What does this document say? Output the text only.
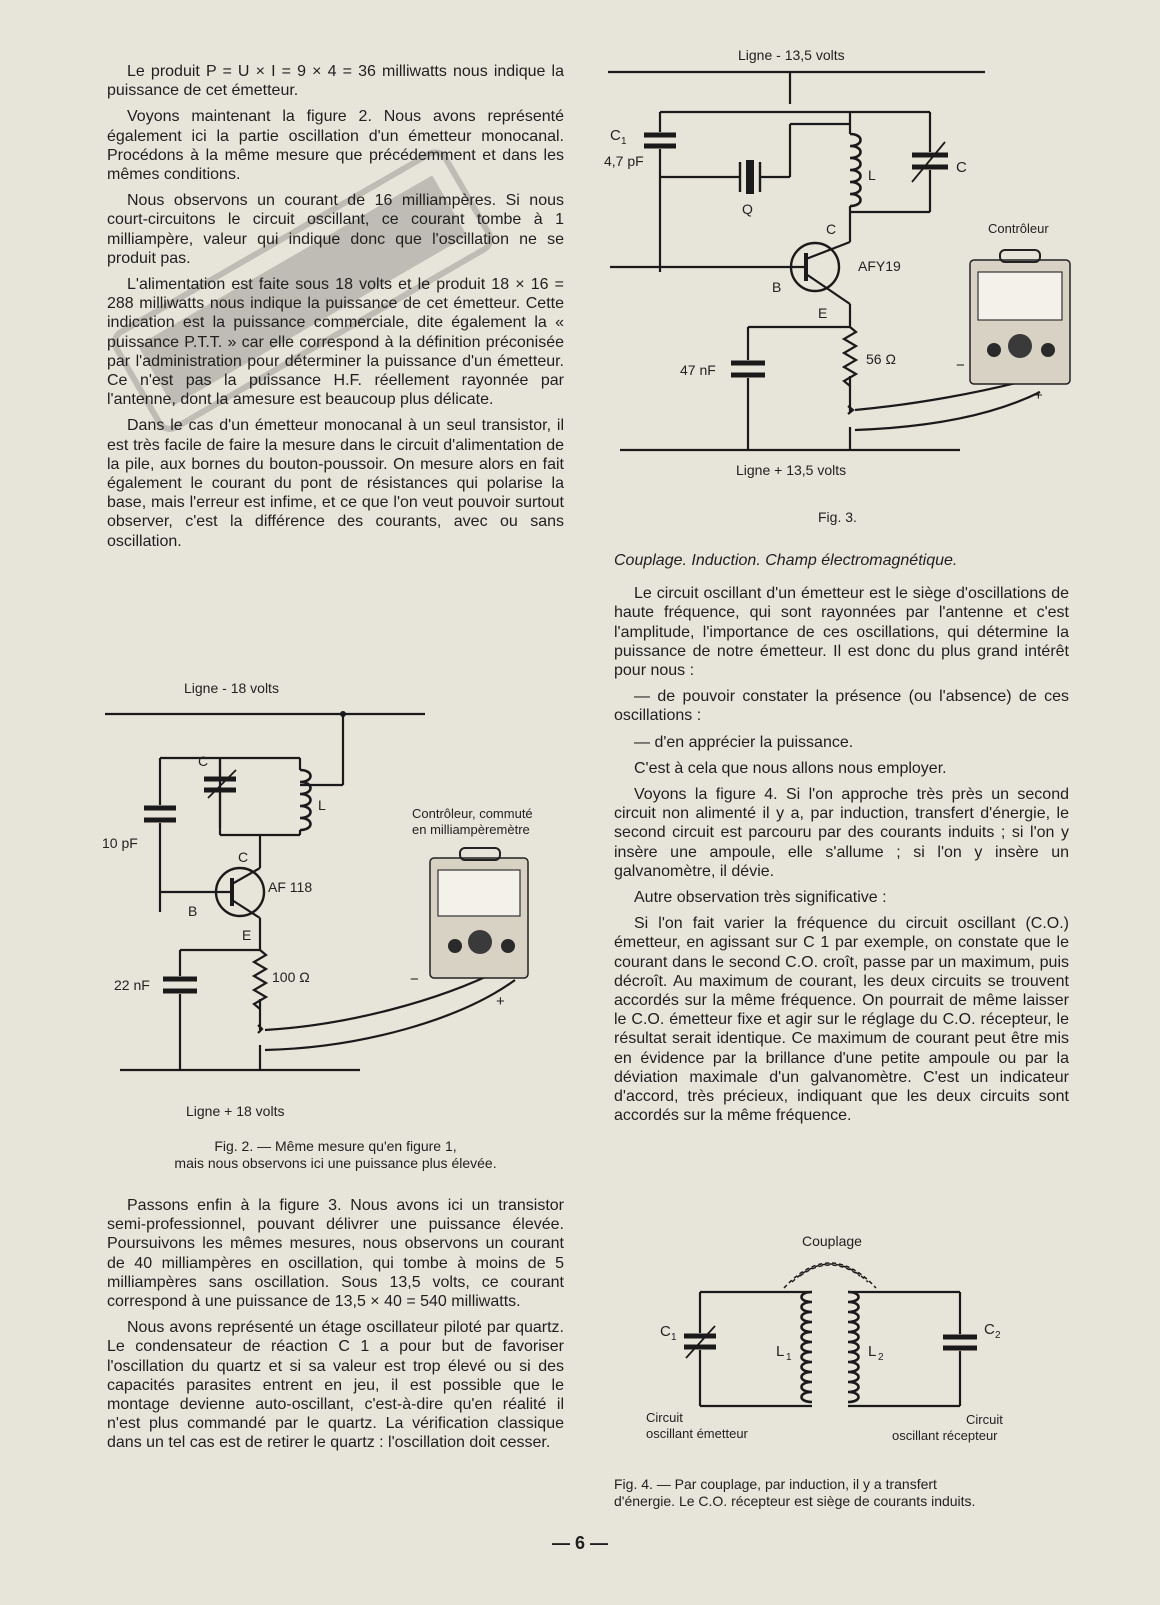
Le produit P = U × I = 9 × 4 = 36 milliwatts nous indique la puissance de cet émetteur.

Voyons maintenant la figure 2. Nous avons représenté également ici la partie oscillation d'un émetteur monocanal. Procédons à la même mesure que précédemment et dans les mêmes conditions.

Nous observons un courant de 16 milliampères. Si nous court-circuitons le circuit oscillant, ce courant tombe à 1 milliampère, valeur qui indique donc que l'oscillation ne se produit pas.

L'alimentation est faite sous 18 volts et le produit 18 × 16 = 288 milliwatts nous indique la puissance de cet émetteur. Cette indication est la puissance commerciale, dite également la « puissance P.T.T. » car elle correspond à la définition préconisée par l'administration pour déterminer la puissance d'un émetteur. Ce n'est pas la puissance H.F. réellement rayonnée par l'antenne, dont la amesure est beaucoup plus délicate.

Dans le cas d'un émetteur monocanal à un seul transistor, il est très facile de faire la mesure dans le circuit d'alimentation de la pile, aux bornes du bouton-poussoir. On mesure alors en fait également le courant du pont de résistances qui polarise la base, mais l'erreur est infime, et ce que l'on veut pouvoir surtout observer, c'est la différence des courants, avec ou sans oscillation.

Ligne - 18 volts
10 pF
L
C
C
B
AF 118
E
100 Ω
22 nF
Ligne + 18 volts
Contrôleur, commuté
en milliampèremètre
−
+
Fig. 2. — Même mesure qu'en figure 1,
mais nous observons ici une puissance plus élevée.

Passons enfin à la figure 3. Nous avons ici un transistor semi-professionnel, pouvant délivrer une puissance élevée. Poursuivons les mêmes mesures, nous observons un courant de 40 milliampères en oscillation, qui tombe à moins de 5 milliampères sans oscillation. Sous 13,5 volts, ce courant correspond à une puissance de 13,5 × 40 = 540 milliwatts.

Nous avons représenté un étage oscillateur piloté par quartz. Le condensateur de réaction C 1 a pour but de favoriser l'oscillation du quartz et si sa valeur est trop élevé ou si des capacités parasites entrent en jeu, il est possible que le montage devienne auto-oscillant, c'est-à-dire qu'en réalité il n'est plus commandé par le quartz. La vérification classique dans un tel cas est de retirer le quartz : l'oscillation doit cesser.

Ligne - 13,5 volts
C 1
4,7 pF
Q
L	C
C
B
AFY19
E
56 Ω
47 nF
Ligne + 13,5 volts
Contrôleur
−
+
Fig. 3.

Couplage. Induction. Champ électromagnétique.

Le circuit oscillant d'un émetteur est le siège d'oscillations de haute fréquence, qui sont rayonnées par l'antenne et c'est l'amplitude, l'importance de ces oscillations, qui détermine la puissance de notre émetteur. Il est donc du plus grand intérêt pour nous :

— de pouvoir constater la présence (ou l'absence) de ces oscillations :

— d'en apprécier la puissance.

C'est à cela que nous allons nous employer.

Voyons la figure 4. Si l'on approche très près un second circuit non alimenté il y a, par induction, transfert d'énergie, le second circuit est parcouru par des courants induits ; si l'on y insère une ampoule, elle s'allume ; si l'on y insère un galvanomètre, il dévie.

Autre observation très significative :

Si l'on fait varier la fréquence du circuit oscillant (C.O.) émetteur, en agissant sur C 1 par exemple, on constate que le courant dans le second C.O. croît, passe par un maximum, puis décroît. Au maximum de courant, les deux circuits se trouvent accordés sur la même fréquence. On pourrait de même laisser le C.O. émetteur fixe et agir sur le réglage du C.O. récepteur, le résultat serait identique. Ce maximum de courant peut être mis en évidence par la brillance d'une petite ampoule ou par la déviation maximale d'un galvanomètre. C'est un indicateur d'accord, très précieux, indiquant que les deux circuits sont accordés sur la même fréquence.

Couplage
C 1
L 1	L 2
C 2
Circuit
oscillant émetteur
Circuit
oscillant récepteur
Fig. 4. — Par couplage, par induction, il y a transfert
d'énergie. Le C.O. récepteur est siège de courants induits.
— 6 —
